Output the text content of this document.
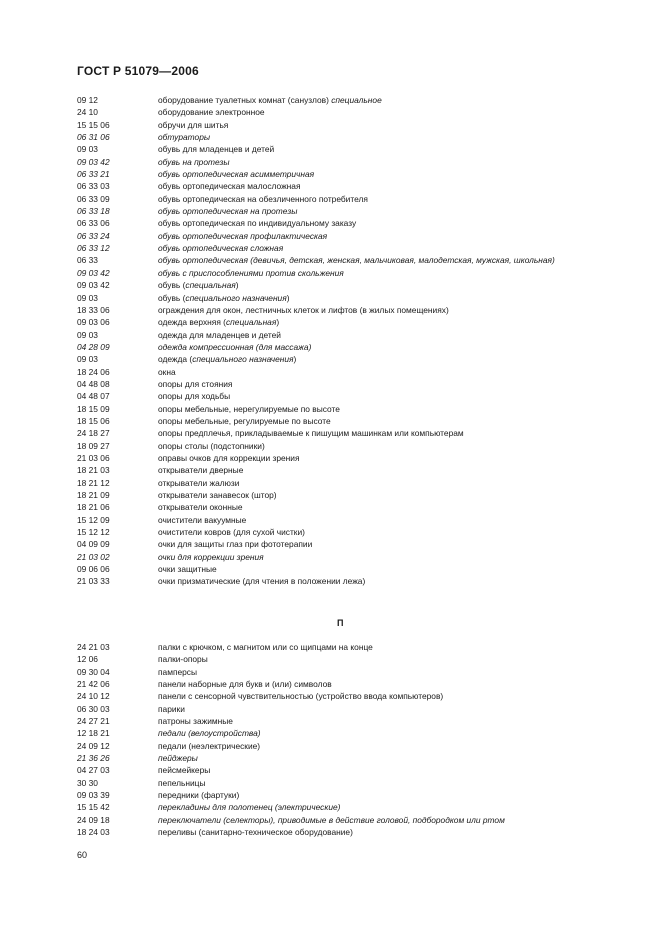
ГОСТ Р 51079—2006
09 12	оборудование туалетных комнат (санузлов) специальное
24 10	оборудование электронное
15 15 06	обручи для шитья
06 31 06	обтураторы
09 03	обувь для младенцев и детей
09 03 42	обувь на протезы
06 33 21	обувь ортопедическая асимметричная
06 33 03	обувь ортопедическая малосложная
06 33 09	обувь ортопедическая на обезличенного потребителя
06 33 18	обувь ортопедическая на протезы
06 33 06	обувь ортопедическая по индивидуальному заказу
06 33 24	обувь ортопедическая профилактическая
06 33 12	обувь ортопедическая сложная
06 33	обувь ортопедическая (девичья, детская, женская, мальчиковая, малодетская, мужская, школьная)
09 03 42	обувь с приспособлениями против скольжения
09 03 42	обувь (специальная)
09 03	обувь (специального назначения)
18 33 06	ограждения для окон, лестничных клеток и лифтов (в жилых помещениях)
09 03 06	одежда верхняя (специальная)
09 03	одежда для младенцев и детей
04 28 09	одежда компрессионная (для массажа)
09 03	одежда (специального назначения)
18 24 06	окна
04 48 08	опоры для стояния
04 48 07	опоры для ходьбы
18 15 09	опоры мебельные, нерегулируемые по высоте
18 15 06	опоры мебельные, регулируемые по высоте
24 18 27	опоры предплечья, прикладываемые к пишущим машинкам или компьютерам
18 09 27	опоры столы (подстопники)
21 03 06	оправы очков для коррекции зрения
18 21 03	открыватели дверные
18 21 12	открыватели жалюзи
18 21 09	открыватели занавесок (штор)
18 21 06	открыватели оконные
15 12 09	очистители вакуумные
15 12 12	очистители ковров (для сухой чистки)
04 09 09	очки для защиты глаз при фототерапии
21 03 02	очки для коррекции зрения
09 06 06	очки защитные
21 03 33	очки призматические (для чтения в положении лежа)
П
24 21 03	палки с крючком, с магнитом или со щипцами на конце
12 06	палки-опоры
09 30 04	памперсы
21 42 06	панели наборные для букв и (или) символов
24 10 12	панели с сенсорной чувствительностью (устройство ввода компьютеров)
06 30 03	парики
24 27 21	патроны зажимные
12 18 21	педали (велоустройства)
24 09 12	педали (неэлектрические)
21 36 26	пейджеры
04 27 03	пейсмейкеры
30 30	пепельницы
09 03 39	передники (фартуки)
15 15 42	перекладины для полотенец (электрические)
24 09 18	переключатели (селекторы), приводимые в действие головой, подбородком или ртом
18 24 03	переливы (санитарно-техническое оборудование)
60
